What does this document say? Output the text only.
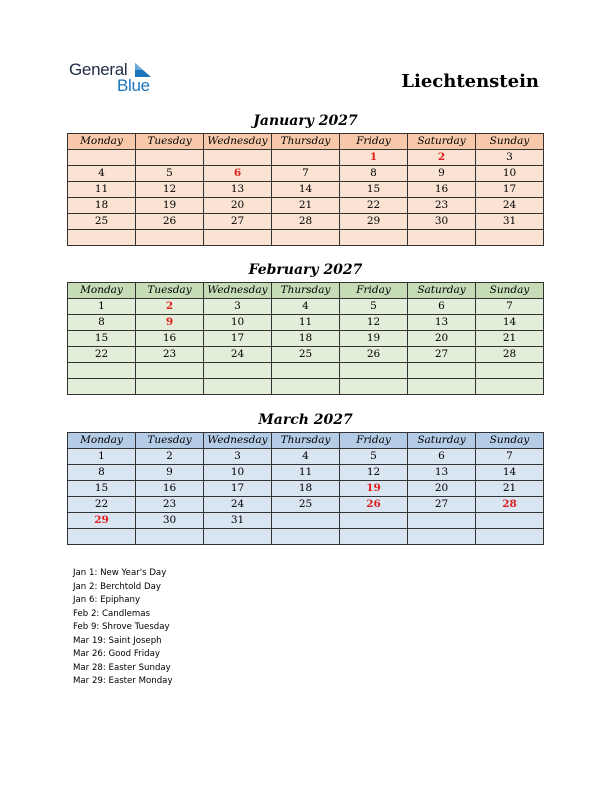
General
Blue	Liechtenstein
January 2027
Monday	Tuesday	Wednesday	Thursday	Friday	Saturday	Sunday
				1	2	3
4	5	6	7	8	9	10
11	12	13	14	15	16	17
18	19	20	21	22	23	24
25	26	27	28	29	30	31

February 2027
Monday	Tuesday	Wednesday	Thursday	Friday	Saturday	Sunday
1	2	3	4	5	6	7
8	9	10	11	12	13	14
15	16	17	18	19	20	21
22	23	24	25	26	27	28

March 2027
Monday	Tuesday	Wednesday	Thursday	Friday	Saturday	Sunday
1	2	3	4	5	6	7
8	9	10	11	12	13	14
15	16	17	18	19	20	21
22	23	24	25	26	27	28
29	30	31				

Jan 1: New Year's Day
Jan 2: Berchtold Day
Jan 6: Epiphany
Feb 2: Candlemas
Feb 9: Shrove Tuesday
Mar 19: Saint Joseph
Mar 26: Good Friday
Mar 28: Easter Sunday
Mar 29: Easter Monday
